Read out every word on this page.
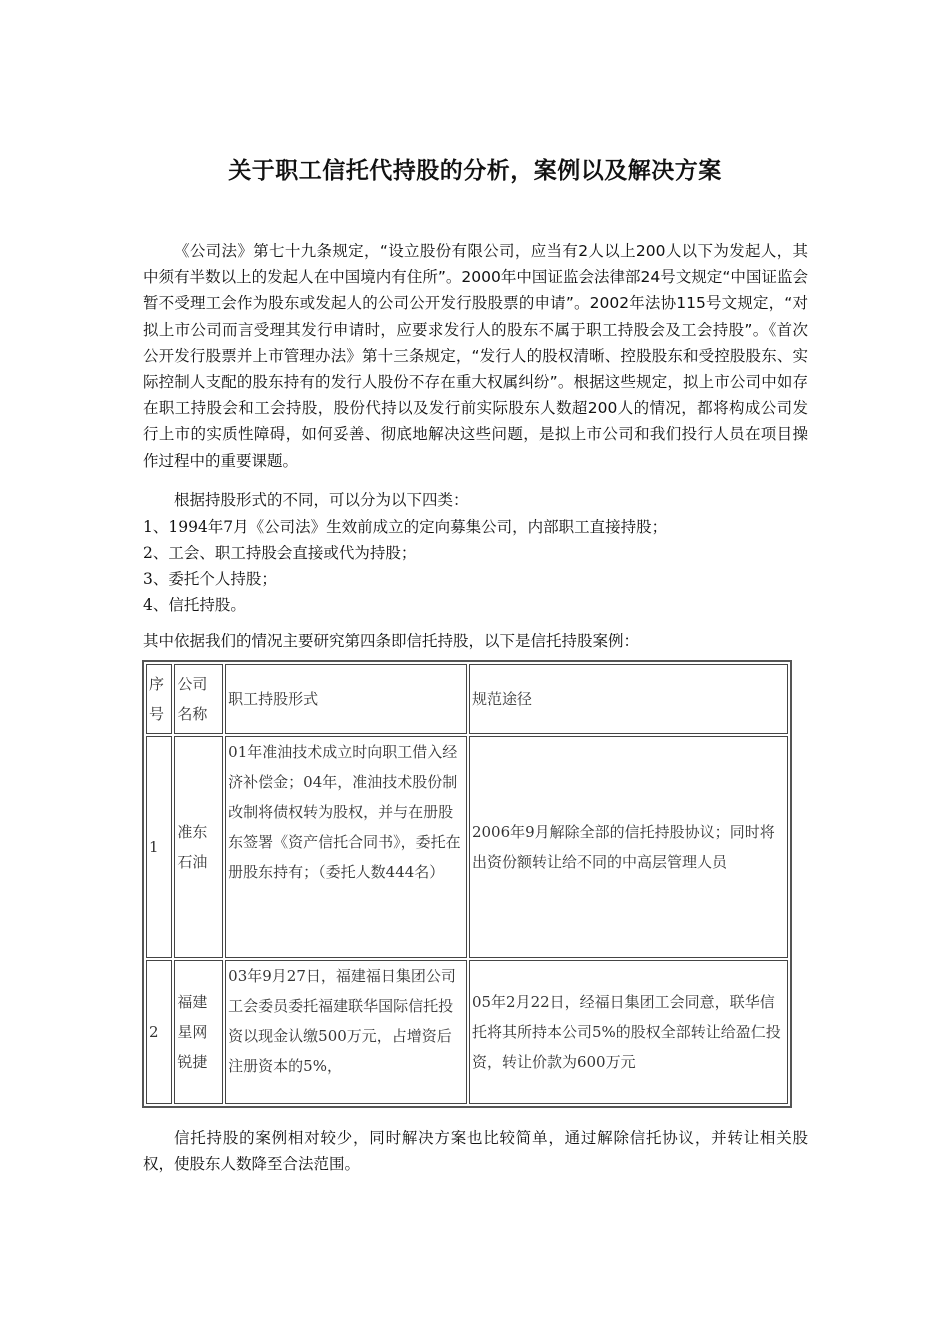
关于职工信托代持股的分析，案例以及解决方案

《公司法》第七十九条规定，“设立股份有限公司，应当有2人以上200人以下为发起人，其中须有半数以上的发起人在中国境内有住所”。2000年中国证监会法律部24号文规定“中国证监会暂不受理工会作为股东或发起人的公司公开发行股股票的申请”。2002年法协115号文规定，“对拟上市公司而言受理其发行申请时，应要求发行人的股东不属于职工持股会及工会持股”。《首次公开发行股票并上市管理办法》第十三条规定，“发行人的股权清晰、控股股东和受控股股东、实际控制人支配的股东持有的发行人股份不存在重大权属纠纷”。根据这些规定，拟上市公司中如存在职工持股会和工会持股，股份代持以及发行前实际股东人数超200人的情况，都将构成公司发行上市的实质性障碍，如何妥善、彻底地解决这些问题，是拟上市公司和我们投行人员在项目操作过程中的重要课题。

根据持股形式的不同，可以分为以下四类：

1、1994年7月《公司法》生效前成立的定向募集公司，内部职工直接持股；

2、工会、职工持股会直接或代为持股；

3、委托个人持股；

4、信托持股。

其中依据我们的情况主要研究第四条即信托持股，以下是信托持股案例：

序号	公司名称	职工持股形式	规范途径
1	准东石油	01年准油技术成立时向职工借入经济补偿金；04年，准油技术股份制改制将债权转为股权，并与在册股东签署《资产信托合同书》，委托在册股东持有；（委托人数444名）	2006年9月解除全部的信托持股协议；同时将出资份额转让给不同的中高层管理人员
2	福建星网锐捷	03年9月27日，福建福日集团公司工会委员委托福建联华国际信托投资以现金认缴500万元，占增资后注册资本的5%，	05年2月22日，经福日集团工会同意，联华信托将其所持本公司5%的股权全部转让给盈仁投资，转让价款为600万元

信托持股的案例相对较少，同时解决方案也比较简单，通过解除信托协议，并转让相关股权，使股东人数降至合法范围。
